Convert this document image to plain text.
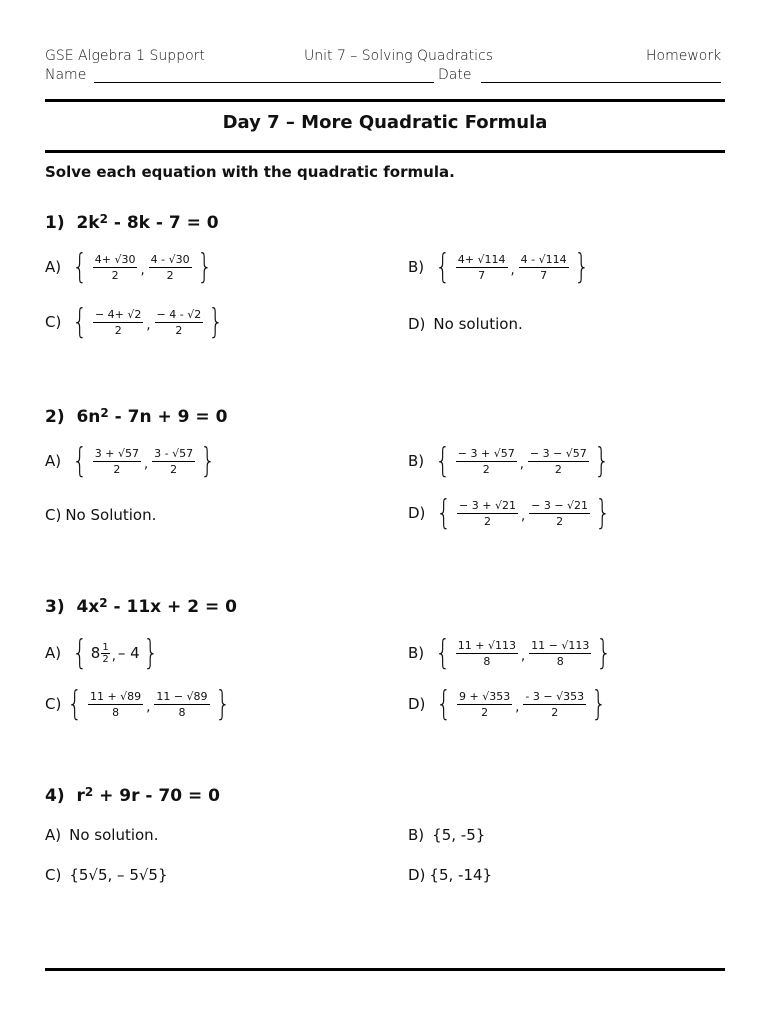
GSE Algebra 1 Support	Unit 7 – Solving Quadratics	Homework
Name	Date
Day 7 – More Quadratic Formula
Solve each equation with the quadratic formula.
1) $2k^2 - 8k - 7 = 0$
A) { $\frac{4+ √30}{2}$ , $\frac{4 - √30}{2}$ }	B) { $\frac{4+ √114}{7}$ , $\frac{4 - √114}{7}$ }
C) { $\frac{- 4+ √2}{2}$ , $\frac{- 4 - √2}{2}$ }	D) No solution.
2) $6n^2 - 7n + 9 = 0$
A) { $\frac{3 + √57}{2}$ , $\frac{3 - √57}{2}$ }	B) { $\frac{- 3 + √57}{2}$ , $\frac{- 3 - √57}{2}$ }
C) No Solution.	D) { $\frac{- 3 + √21}{2}$ , $\frac{- 3 - √21}{2}$ }
3) $4x^2 - 11x + 2 = 0$
A) { $8 \frac{1}{2}$ , – 4 }	B) { $\frac{11 + √113}{8}$ , $\frac{11 - √113}{8}$ }
C) { $\frac{11 + √89}{8}$ , $\frac{11 - √89}{8}$ }	D) { $\frac{9 + √353}{2}$ , $\frac{- 3 - √353}{2}$ }
4) $r^2 + 9r - 70 = 0$
A) No solution.	B) {5, -5}
C) {5√5, – 5√5}	D) {5, -14}
